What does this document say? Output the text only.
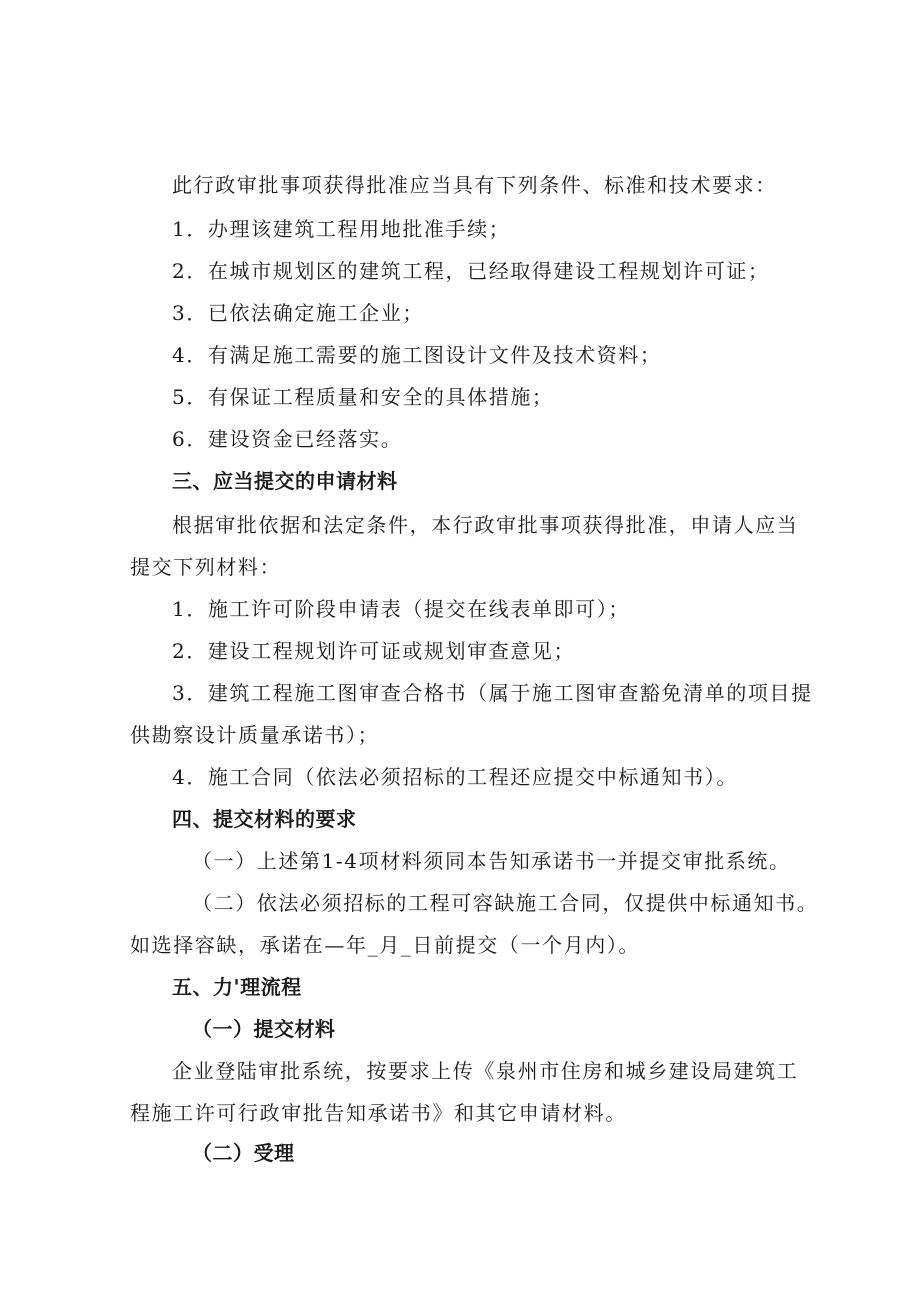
此行政审批事项获得批准应当具有下列条件、标准和技术要求：
1．办理该建筑工程用地批准手续；
2．在城市规划区的建筑工程，已经取得建设工程规划许可证；
3．已依法确定施工企业；
4．有满足施工需要的施工图设计文件及技术资料；
5．有保证工程质量和安全的具体措施；
6．建设资金已经落实。
三、应当提交的申请材料
根据审批依据和法定条件，本行政审批事项获得批准，申请人应当
提交下列材料：
1．施工许可阶段申请表（提交在线表单即可）；
2．建设工程规划许可证或规划审查意见；
3．建筑工程施工图审查合格书（属于施工图审查豁免清单的项目提
供勘察设计质量承诺书）；
4．施工合同（依法必须招标的工程还应提交中标通知书）。
四、提交材料的要求
（一）上述第1-4项材料须同本告知承诺书一并提交审批系统。
（二）依法必须招标的工程可容缺施工合同，仅提供中标通知书。
如选择容缺，承诺在—年_月_日前提交（一个月内）。
五、力'理流程
（一）提交材料
企业登陆审批系统，按要求上传《泉州市住房和城乡建设局建筑工
程施工许可行政审批告知承诺书》和其它申请材料。
（二）受理
